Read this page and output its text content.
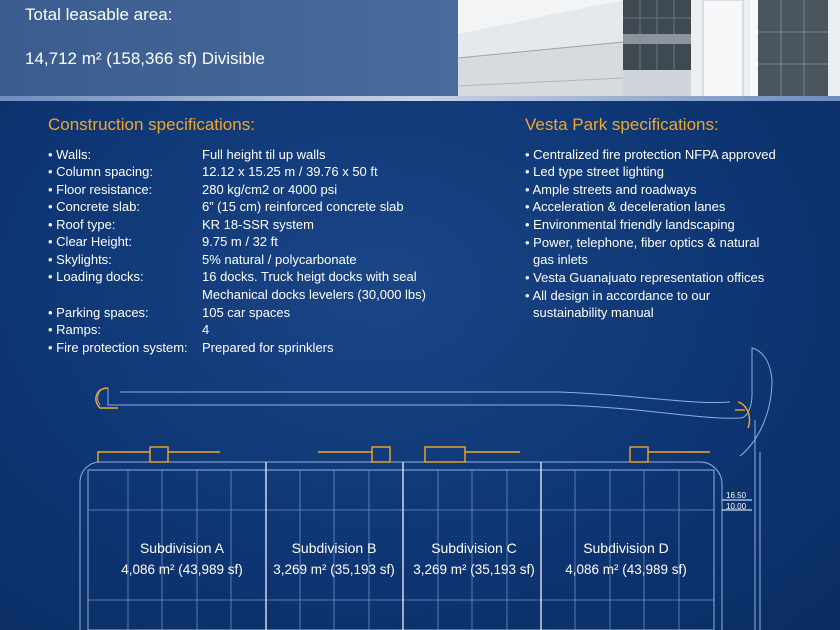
Total leasable area:
14,712 m² (158,366 sf) Divisible
Construction specifications:
• Walls:	Full height til up walls
• Column spacing:	12.12 x 15.25 m / 39.76 x 50 ft
• Floor resistance:	280 kg/cm2 or 4000 psi
• Concrete slab:	6” (15 cm) reinforced concrete slab
• Roof type:	KR 18-SSR system
• Clear Height:	9.75 m / 32 ft
• Skylights:	5% natural / polycarbonate
• Loading docks:	16 docks. Truck heigt docks with seal
Mechanical docks levelers (30,000 lbs)
• Parking spaces:	105 car spaces
• Ramps:	4
• Fire protection system: Prepared for sprinklers
Vesta Park specifications:
• Centralized fire protection NFPA approved
• Led type street lighting
• Ample streets and roadways
• Acceleration & deceleration lanes
• Environmental friendly landscaping
• Power, telephone, fiber optics & natural
gas inlets
• Vesta Guanajuato representation offices
• All design in accordance to our
sustainability manual
Subdivision A
4,086 m² (43,989 sf)
Subdivision B
3,269 m² (35,193 sf)
Subdivision C
3,269 m² (35,193 sf)
Subdivision D
4,086 m² (43,989 sf)
16.50
10.00
